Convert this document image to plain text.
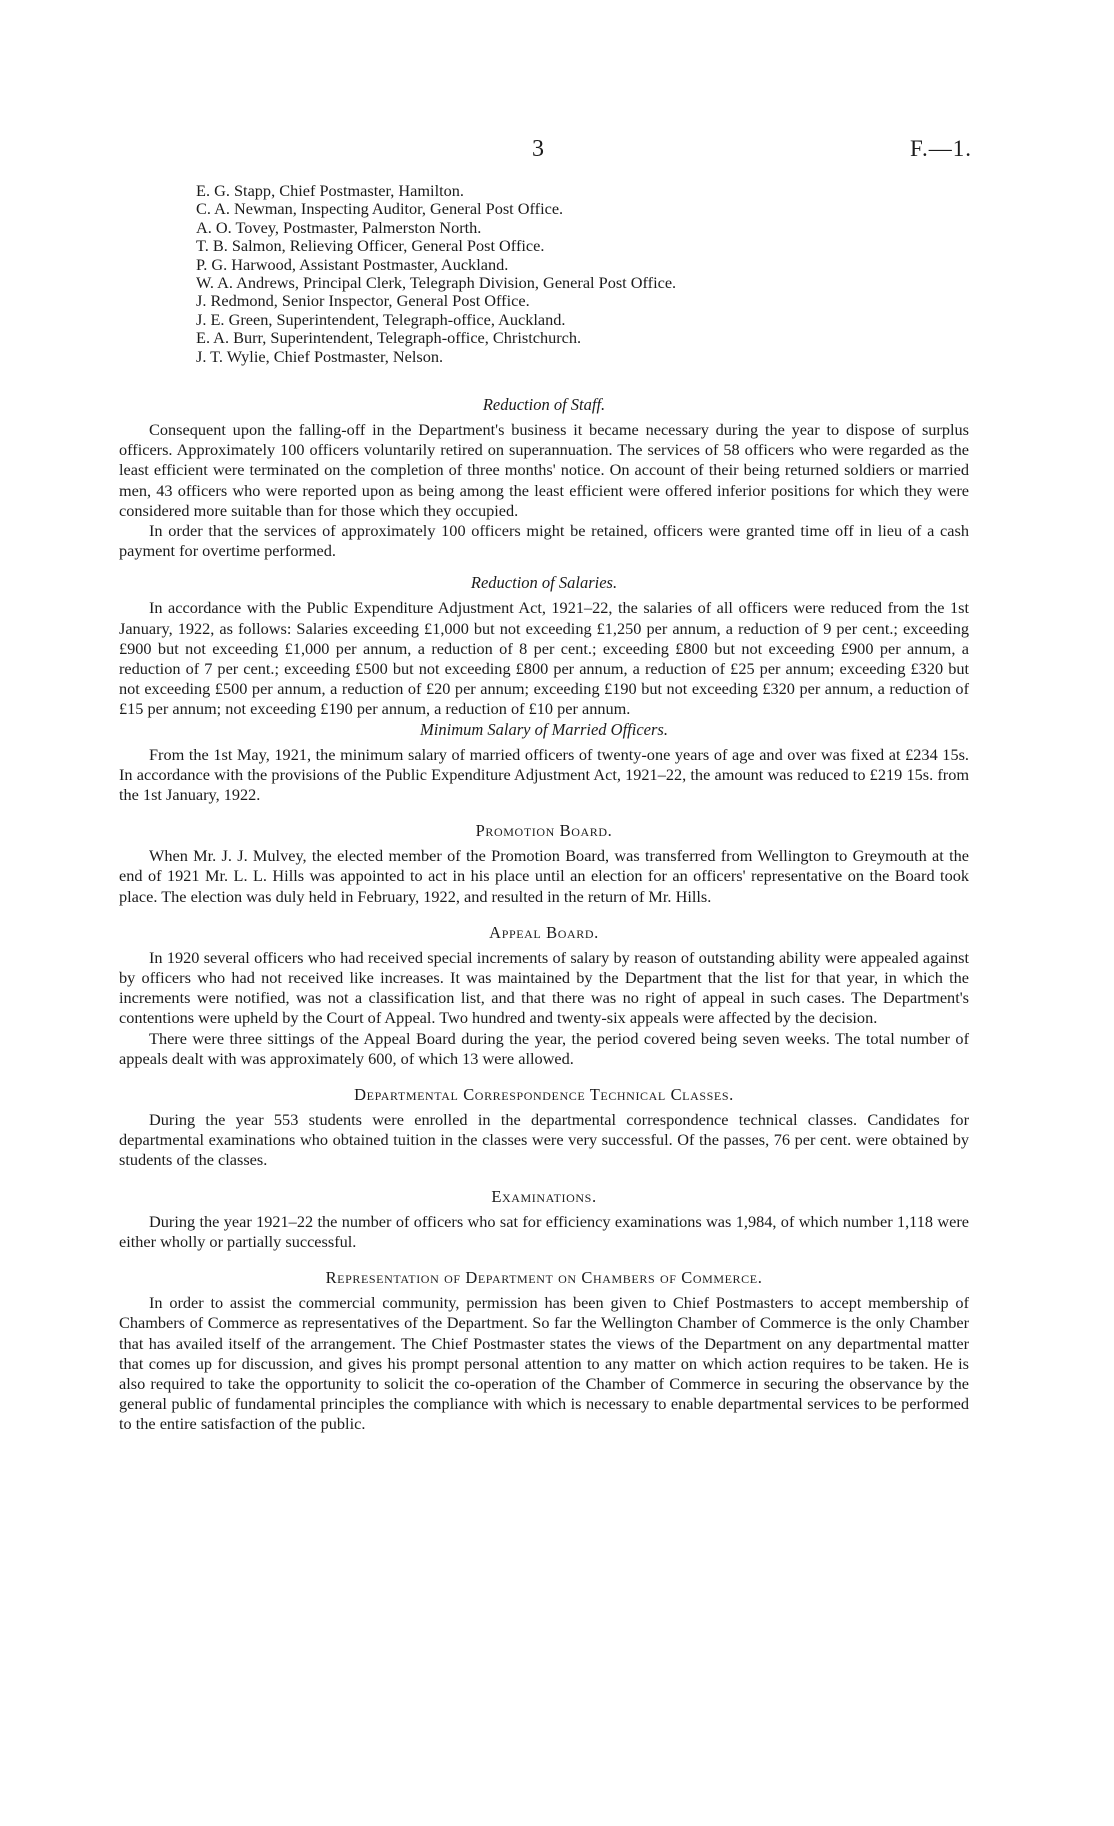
3	F.—1.
E. G. Stapp, Chief Postmaster, Hamilton.
C. A. Newman, Inspecting Auditor, General Post Office.
A. O. Tovey, Postmaster, Palmerston North.
T. B. Salmon, Relieving Officer, General Post Office.
P. G. Harwood, Assistant Postmaster, Auckland.
W. A. Andrews, Principal Clerk, Telegraph Division, General Post Office.
J. Redmond, Senior Inspector, General Post Office.
J. E. Green, Superintendent, Telegraph-office, Auckland.
E. A. Burr, Superintendent, Telegraph-office, Christchurch.
J. T. Wylie, Chief Postmaster, Nelson.
Reduction of Staff.

Consequent upon the falling-off in the Department's business it became necessary during the year to dispose of surplus officers. Approximately 100 officers voluntarily retired on superannuation. The services of 58 officers who were regarded as the least efficient were terminated on the completion of three months' notice. On account of their being returned soldiers or married men, 43 officers who were reported upon as being among the least efficient were offered inferior positions for which they were considered more suitable than for those which they occupied.

In order that the services of approximately 100 officers might be retained, officers were granted time off in lieu of a cash payment for overtime performed.

Reduction of Salaries.

In accordance with the Public Expenditure Adjustment Act, 1921–22, the salaries of all officers were reduced from the 1st January, 1922, as follows: Salaries exceeding £1,000 but not exceeding £1,250 per annum, a reduction of 9 per cent.; exceeding £900 but not exceeding £1,000 per annum, a reduction of 8 per cent.; exceeding £800 but not exceeding £900 per annum, a reduction of 7 per cent.; exceeding £500 but not exceeding £800 per annum, a reduction of £25 per annum; exceeding £320 but not exceeding £500 per annum, a reduction of £20 per annum; exceeding £190 but not exceeding £320 per annum, a reduction of £15 per annum; not exceeding £190 per annum, a reduction of £10 per annum.

Minimum Salary of Married Officers.

From the 1st May, 1921, the minimum salary of married officers of twenty-one years of age and over was fixed at £234 15s. In accordance with the provisions of the Public Expenditure Adjustment Act, 1921–22, the amount was reduced to £219 15s. from the 1st January, 1922.

Promotion Board.

When Mr. J. J. Mulvey, the elected member of the Promotion Board, was transferred from Wellington to Greymouth at the end of 1921 Mr. L. L. Hills was appointed to act in his place until an election for an officers' representative on the Board took place. The election was duly held in February, 1922, and resulted in the return of Mr. Hills.

Appeal Board.

In 1920 several officers who had received special increments of salary by reason of outstanding ability were appealed against by officers who had not received like increases. It was maintained by the Department that the list for that year, in which the increments were notified, was not a classification list, and that there was no right of appeal in such cases. The Department's contentions were upheld by the Court of Appeal. Two hundred and twenty-six appeals were affected by the decision.

There were three sittings of the Appeal Board during the year, the period covered being seven weeks. The total number of appeals dealt with was approximately 600, of which 13 were allowed.

Departmental Correspondence Technical Classes.

During the year 553 students were enrolled in the departmental correspondence technical classes. Candidates for departmental examinations who obtained tuition in the classes were very successful. Of the passes, 76 per cent. were obtained by students of the classes.

Examinations.

During the year 1921–22 the number of officers who sat for efficiency examinations was 1,984, of which number 1,118 were either wholly or partially successful.

Representation of Department on Chambers of Commerce.

In order to assist the commercial community, permission has been given to Chief Postmasters to accept membership of Chambers of Commerce as representatives of the Department. So far the Wellington Chamber of Commerce is the only Chamber that has availed itself of the arrangement. The Chief Postmaster states the views of the Department on any departmental matter that comes up for discussion, and gives his prompt personal attention to any matter on which action requires to be taken. He is also required to take the opportunity to solicit the co-operation of the Chamber of Commerce in securing the observance by the general public of fundamental principles the compliance with which is necessary to enable departmental services to be performed to the entire satisfaction of the public.
